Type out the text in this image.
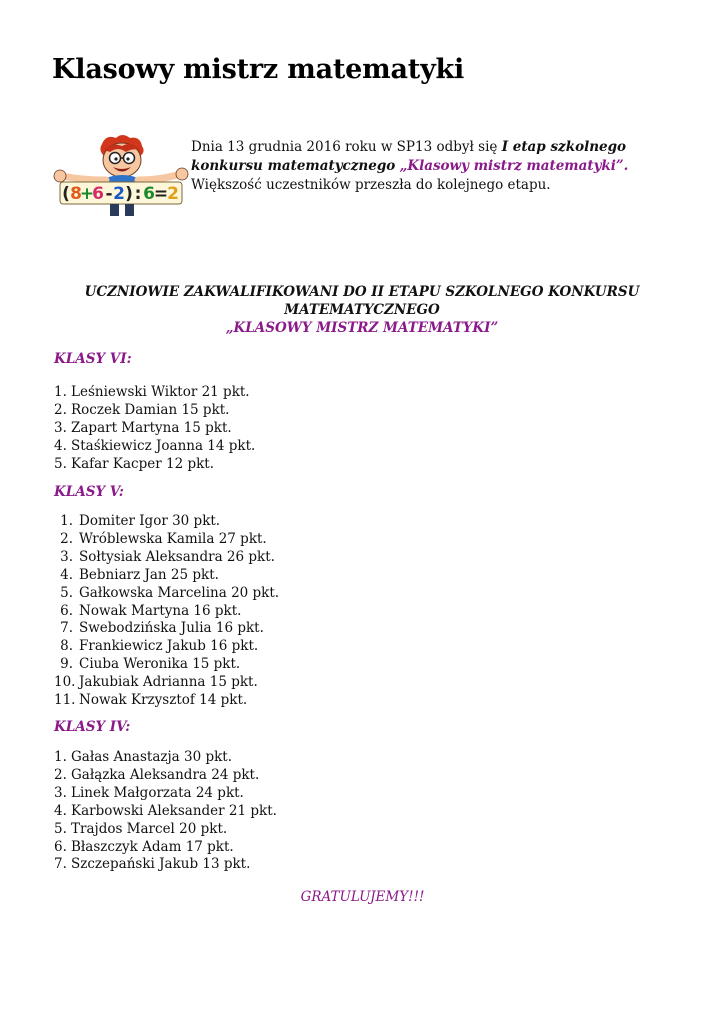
Klasowy mistrz matematyki
( 8
+
6 - 2 ) : 6
=
2
Dnia 13 grudnia 2016 roku w SP13 odbył się I etap szkolnego konkursu matematycznego „Klasowy mistrz matematyki”. Większość uczestników przeszła do kolejnego etapu.
UCZNIOWIE ZAKWALIFIKOWANI DO II ETAPU SZKOLNEGO KONKURSU
MATEMATYCZNEGO
„KLASOWY MISTRZ MATEMATYKI”

KLASY VI:

1. Leśniewski Wiktor 21 pkt.
2. Roczek Damian 15 pkt.
3. Zapart Martyna 15 pkt.
4. Staśkiewicz Joanna 14 pkt.
5. Kafar Kacper 12 pkt.

KLASY V:

1. Domiter Igor 30 pkt.
2. Wróblewska Kamila 27 pkt.
3. Sołtysiak Aleksandra 26 pkt.
4. Bebniarz Jan 25 pkt.
5. Gałkowska Marcelina 20 pkt.
6. Nowak Martyna 16 pkt.
7. Swebodzińska Julia 16 pkt.
8. Frankiewicz Jakub 16 pkt.
9. Ciuba Weronika 15 pkt.
10. Jakubiak Adrianna 15 pkt.
11. Nowak Krzysztof 14 pkt.

KLASY IV:

1. Gałas Anastazja 30 pkt.
2. Gałązka Aleksandra 24 pkt.
3. Linek Małgorzata 24 pkt.
4. Karbowski Aleksander 21 pkt.
5. Trajdos Marcel 20 pkt.
6. Błaszczyk Adam 17 pkt.
7. Szczepański Jakub 13 pkt.
GRATULUJEMY!!!
